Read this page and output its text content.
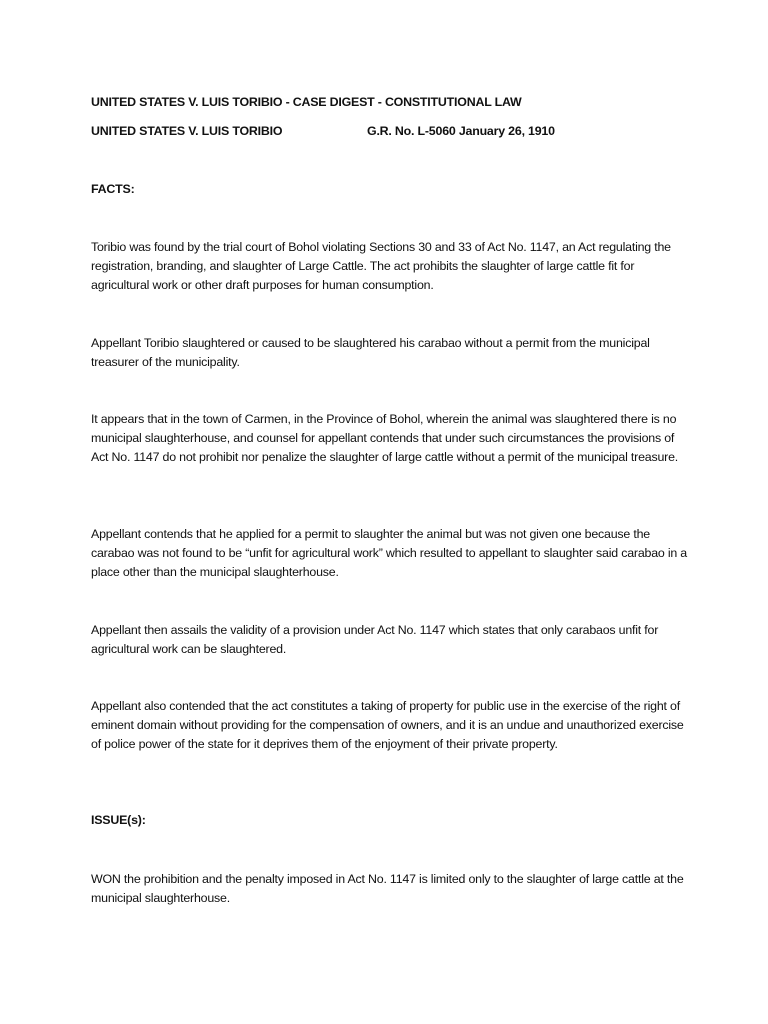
UNITED STATES V. LUIS TORIBIO - CASE DIGEST - CONSTITUTIONAL LAW

UNITED STATES V. LUIS TORIBIO	G.R. No. L-5060 January 26, 1910

FACTS:

Toribio was found by the trial court of Bohol violating Sections 30 and 33 of Act No. 1147, an Act regulating the registration, branding, and slaughter of Large Cattle. The act prohibits the slaughter of large cattle fit for agricultural work or other draft purposes for human consumption.

Appellant Toribio slaughtered or caused to be slaughtered his carabao without a permit from the municipal treasurer of the municipality.

It appears that in the town of Carmen, in the Province of Bohol, wherein the animal was slaughtered there is no municipal slaughterhouse, and counsel for appellant contends that under such circumstances the provisions of Act No. 1147 do not prohibit nor penalize the slaughter of large cattle without a permit of the municipal treasure.

Appellant contends that he applied for a permit to slaughter the animal but was not given one because the carabao was not found to be “unfit for agricultural work” which resulted to appellant to slaughter said carabao in a place other than the municipal slaughterhouse.

Appellant then assails the validity of a provision under Act No. 1147 which states that only carabaos unfit for agricultural work can be slaughtered.

Appellant also contended that the act constitutes a taking of property for public use in the exercise of the right of eminent domain without providing for the compensation of owners, and it is an undue and unauthorized exercise of police power of the state for it deprives them of the enjoyment of their private property.

ISSUE(s):

WON the prohibition and the penalty imposed in Act No. 1147 is limited only to the slaughter of large cattle at the municipal slaughterhouse.
